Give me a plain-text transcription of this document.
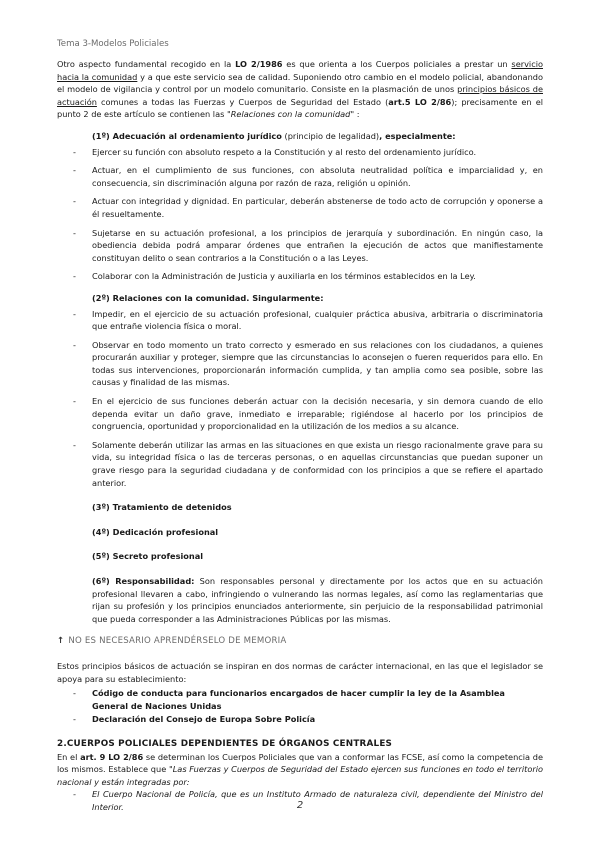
Tema 3-Modelos Policiales

Otro aspecto fundamental recogido en la LO 2/1986 es que orienta a los Cuerpos policiales a prestar un servicio hacia la comunidad y a que este servicio sea de calidad. Suponiendo otro cambio en el modelo policial, abandonando el modelo de vigilancia y control por un modelo comunitario. Consiste en la plasmación de unos principios básicos de actuación comunes a todas las Fuerzas y Cuerpos de Seguridad del Estado (art.5 LO 2/86); precisamente en el punto 2 de este artículo se contienen las "Relaciones con la comunidad" :

(1º) Adecuación al ordenamiento jurídico (principio de legalidad), especialmente:
- Ejercer su función con absoluto respeto a la Constitución y al resto del ordenamiento jurídico.
- Actuar, en el cumplimiento de sus funciones, con absoluta neutralidad política e imparcialidad y, en consecuencia, sin discriminación alguna por razón de raza, religión u opinión.
- Actuar con integridad y dignidad. En particular, deberán abstenerse de todo acto de corrupción y oponerse a él resueltamente.
- Sujetarse en su actuación profesional, a los principios de jerarquía y subordinación. En ningún caso, la obediencia debida podrá amparar órdenes que entrañen la ejecución de actos que manifiestamente constituyan delito o sean contrarios a la Constitución o a las Leyes.
- Colaborar con la Administración de Justicia y auxiliarla en los términos establecidos en la Ley.
(2º) Relaciones con la comunidad. Singularmente:
- Impedir, en el ejercicio de su actuación profesional, cualquier práctica abusiva, arbitraria o discriminatoria que entrañe violencia física o moral.
- Observar en todo momento un trato correcto y esmerado en sus relaciones con los ciudadanos, a quienes procurarán auxiliar y proteger, siempre que las circunstancias lo aconsejen o fueren requeridos para ello. En todas sus intervenciones, proporcionarán información cumplida, y tan amplia como sea posible, sobre las causas y finalidad de las mismas.
- En el ejercicio de sus funciones deberán actuar con la decisión necesaria, y sin demora cuando de ello dependa evitar un daño grave, inmediato e irreparable; rigiéndose al hacerlo por los principios de congruencia, oportunidad y proporcionalidad en la utilización de los medios a su alcance.
- Solamente deberán utilizar las armas en las situaciones en que exista un riesgo racionalmente grave para su vida, su integridad física o las de terceras personas, o en aquellas circunstancias que puedan suponer un grave riesgo para la seguridad ciudadana y de conformidad con los principios a que se refiere el apartado anterior.
(3º) Tratamiento de detenidos
(4º) Dedicación profesional
(5º) Secreto profesional

(6º) Responsabilidad: Son responsables personal y directamente por los actos que en su actuación profesional llevaren a cabo, infringiendo o vulnerando las normas legales, así como las reglamentarias que rijan su profesión y los principios enunciados anteriormente, sin perjuicio de la responsabilidad patrimonial que pueda corresponder a las Administraciones Públicas por las mismas.

↑ NO ES NECESARIO APRENDÉRSELO DE MEMORIA

Estos principios básicos de actuación se inspiran en dos normas de carácter internacional, en las que el legislador se apoya para su establecimiento:

- Código de conducta para funcionarios encargados de hacer cumplir la ley de la Asamblea General de Naciones Unidas
- Declaración del Consejo de Europa Sobre Policía
2.CUERPOS POLICIALES DEPENDIENTES DE ÓRGANOS CENTRALES

En el art. 9 LO 2/86 se determinan los Cuerpos Policiales que van a conformar las FCSE, así como la competencia de los mismos. Establece que "Las Fuerzas y Cuerpos de Seguridad del Estado ejercen sus funciones en todo el territorio nacional y están integradas por:

- El Cuerpo Nacional de Policía, que es un Instituto Armado de naturaleza civil, dependiente del Ministro del Interior.	2
